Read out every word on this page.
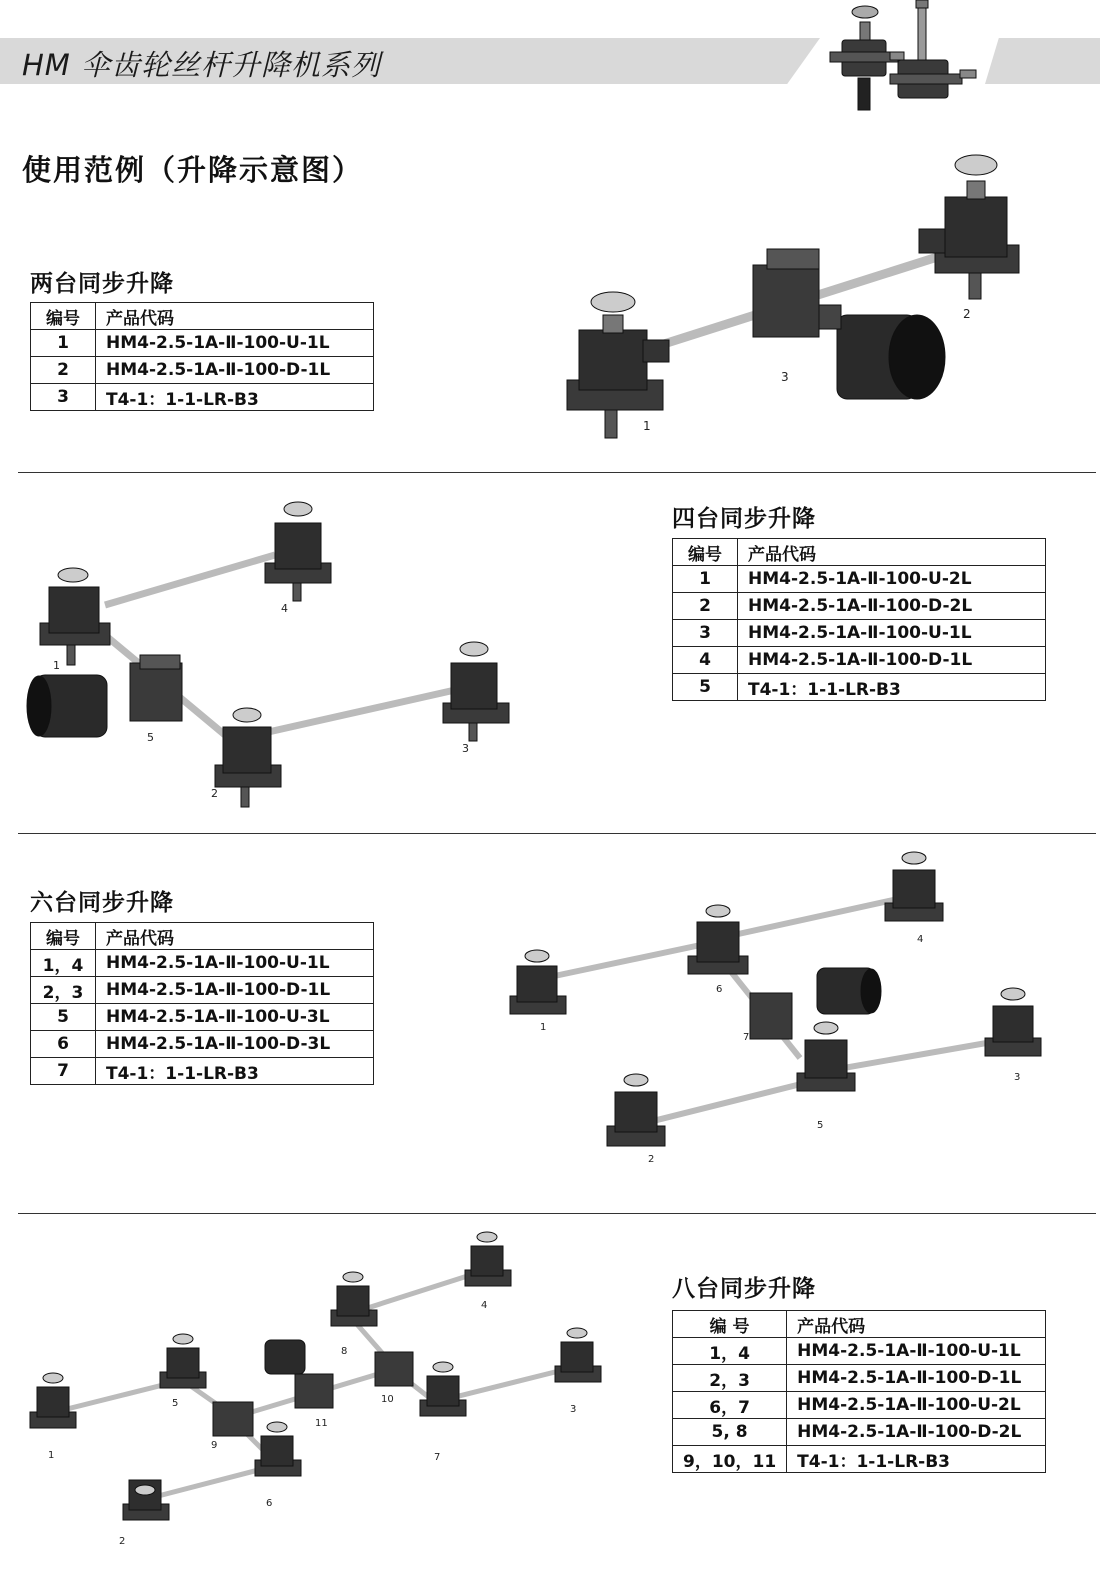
HM 伞齿轮丝杆升降机系列
使用范例（升降示意图）
两台同步升降
编号	产品代码
1	HM4-2.5-1A-Ⅱ-100-U-1L
2	HM4-2.5-1A-Ⅱ-100-D-1L
3	T4-1：1-1-LR-B3
1
2
3
四台同步升降
编号	产品代码
1	HM4-2.5-1A-Ⅱ-100-U-2L
2	HM4-2.5-1A-Ⅱ-100-D-2L
3	HM4-2.5-1A-Ⅱ-100-U-1L
4	HM4-2.5-1A-Ⅱ-100-D-1L
5	T4-1：1-1-LR-B3
1
2
3
4
5
六台同步升降
编号	产品代码
1，4	HM4-2.5-1A-Ⅱ-100-U-1L
2，3	HM4-2.5-1A-Ⅱ-100-D-1L
5	HM4-2.5-1A-Ⅱ-100-U-3L
6	HM4-2.5-1A-Ⅱ-100-D-3L
7	T4-1：1-1-LR-B3
1
2
3
4
5
6
7
八台同步升降
编 号	产品代码
1，4	HM4-2.5-1A-Ⅱ-100-U-1L
2，3	HM4-2.5-1A-Ⅱ-100-D-1L
6，7	HM4-2.5-1A-Ⅱ-100-U-2L
5, 8	HM4-2.5-1A-Ⅱ-100-D-2L
9，10，11	T4-1：1-1-LR-B3
1
2
3
4
5
6
7
8
9
10
11
